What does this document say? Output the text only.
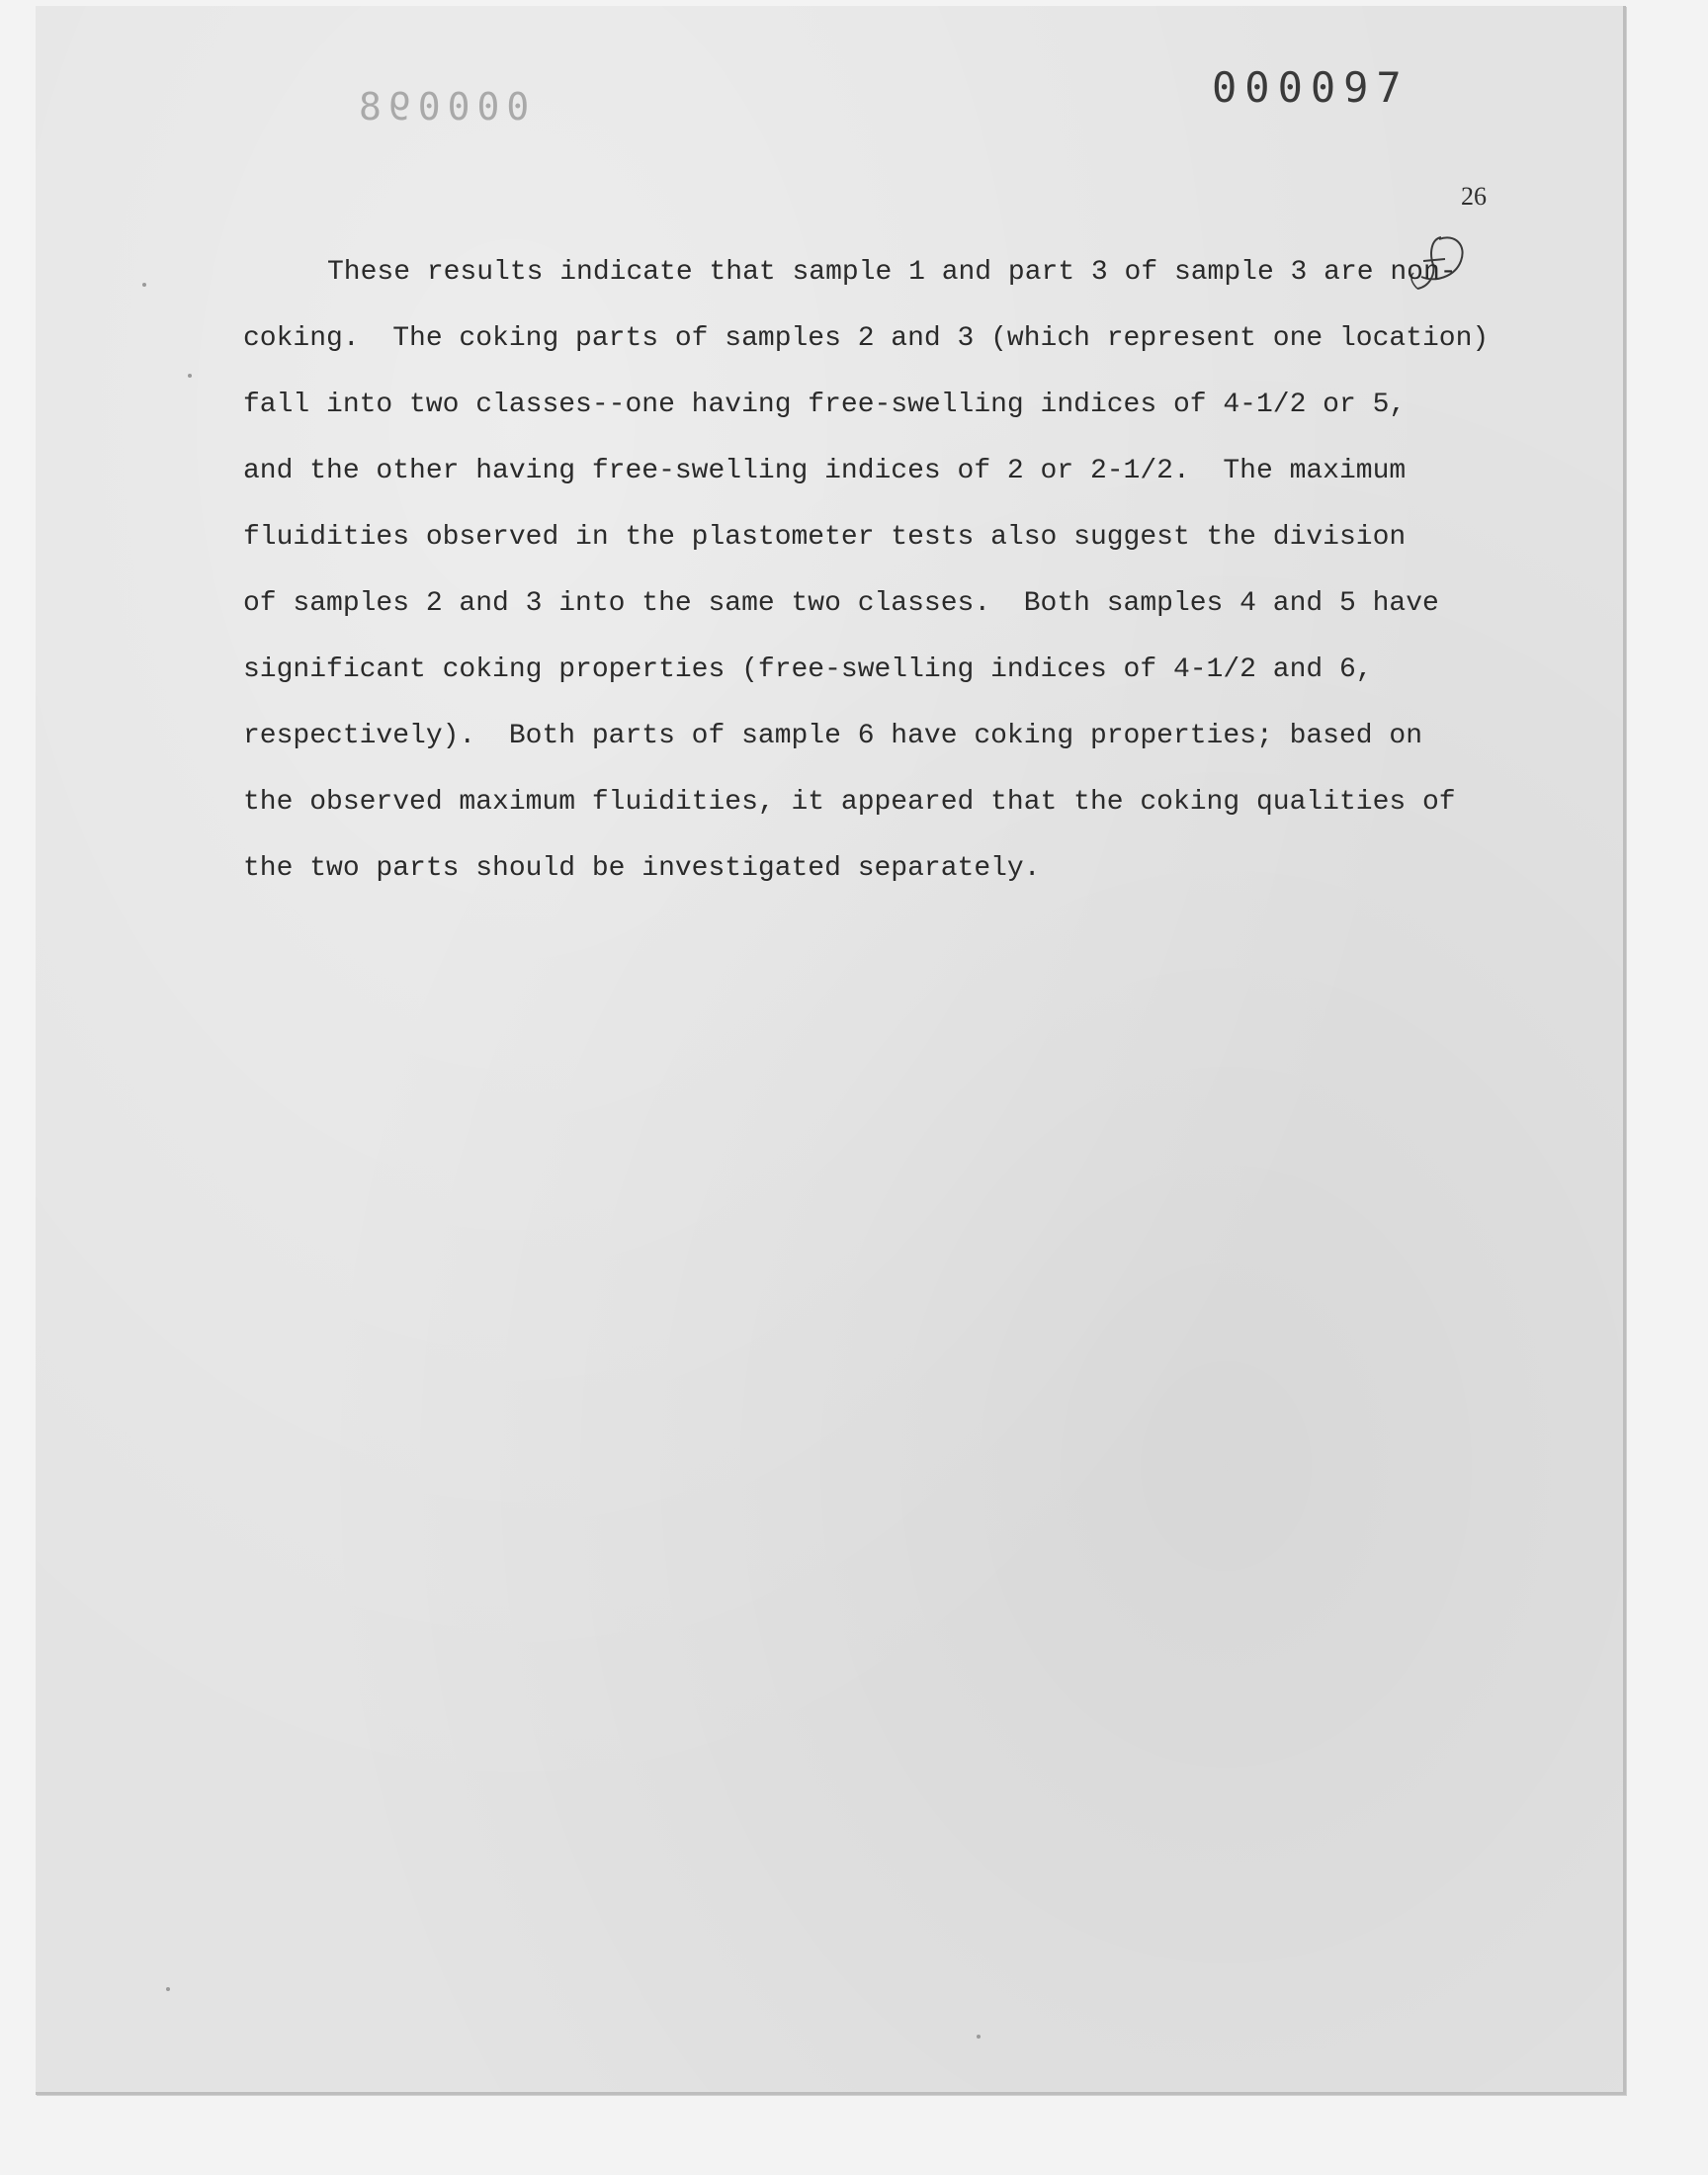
000098	000097
26
These results indicate that sample 1 and part 3 of sample 3 are non-
coking.  The coking parts of samples 2 and 3 (which represent one location)
fall into two classes--one having free-swelling indices of 4-1/2 or 5,
and the other having free-swelling indices of 2 or 2-1/2.  The maximum
fluidities observed in the plastometer tests also suggest the division
of samples 2 and 3 into the same two classes.  Both samples 4 and 5 have
significant coking properties (free-swelling indices of 4-1/2 and 6,
respectively).  Both parts of sample 6 have coking properties; based on
the observed maximum fluidities, it appeared that the coking qualities of
the two parts should be investigated separately.
